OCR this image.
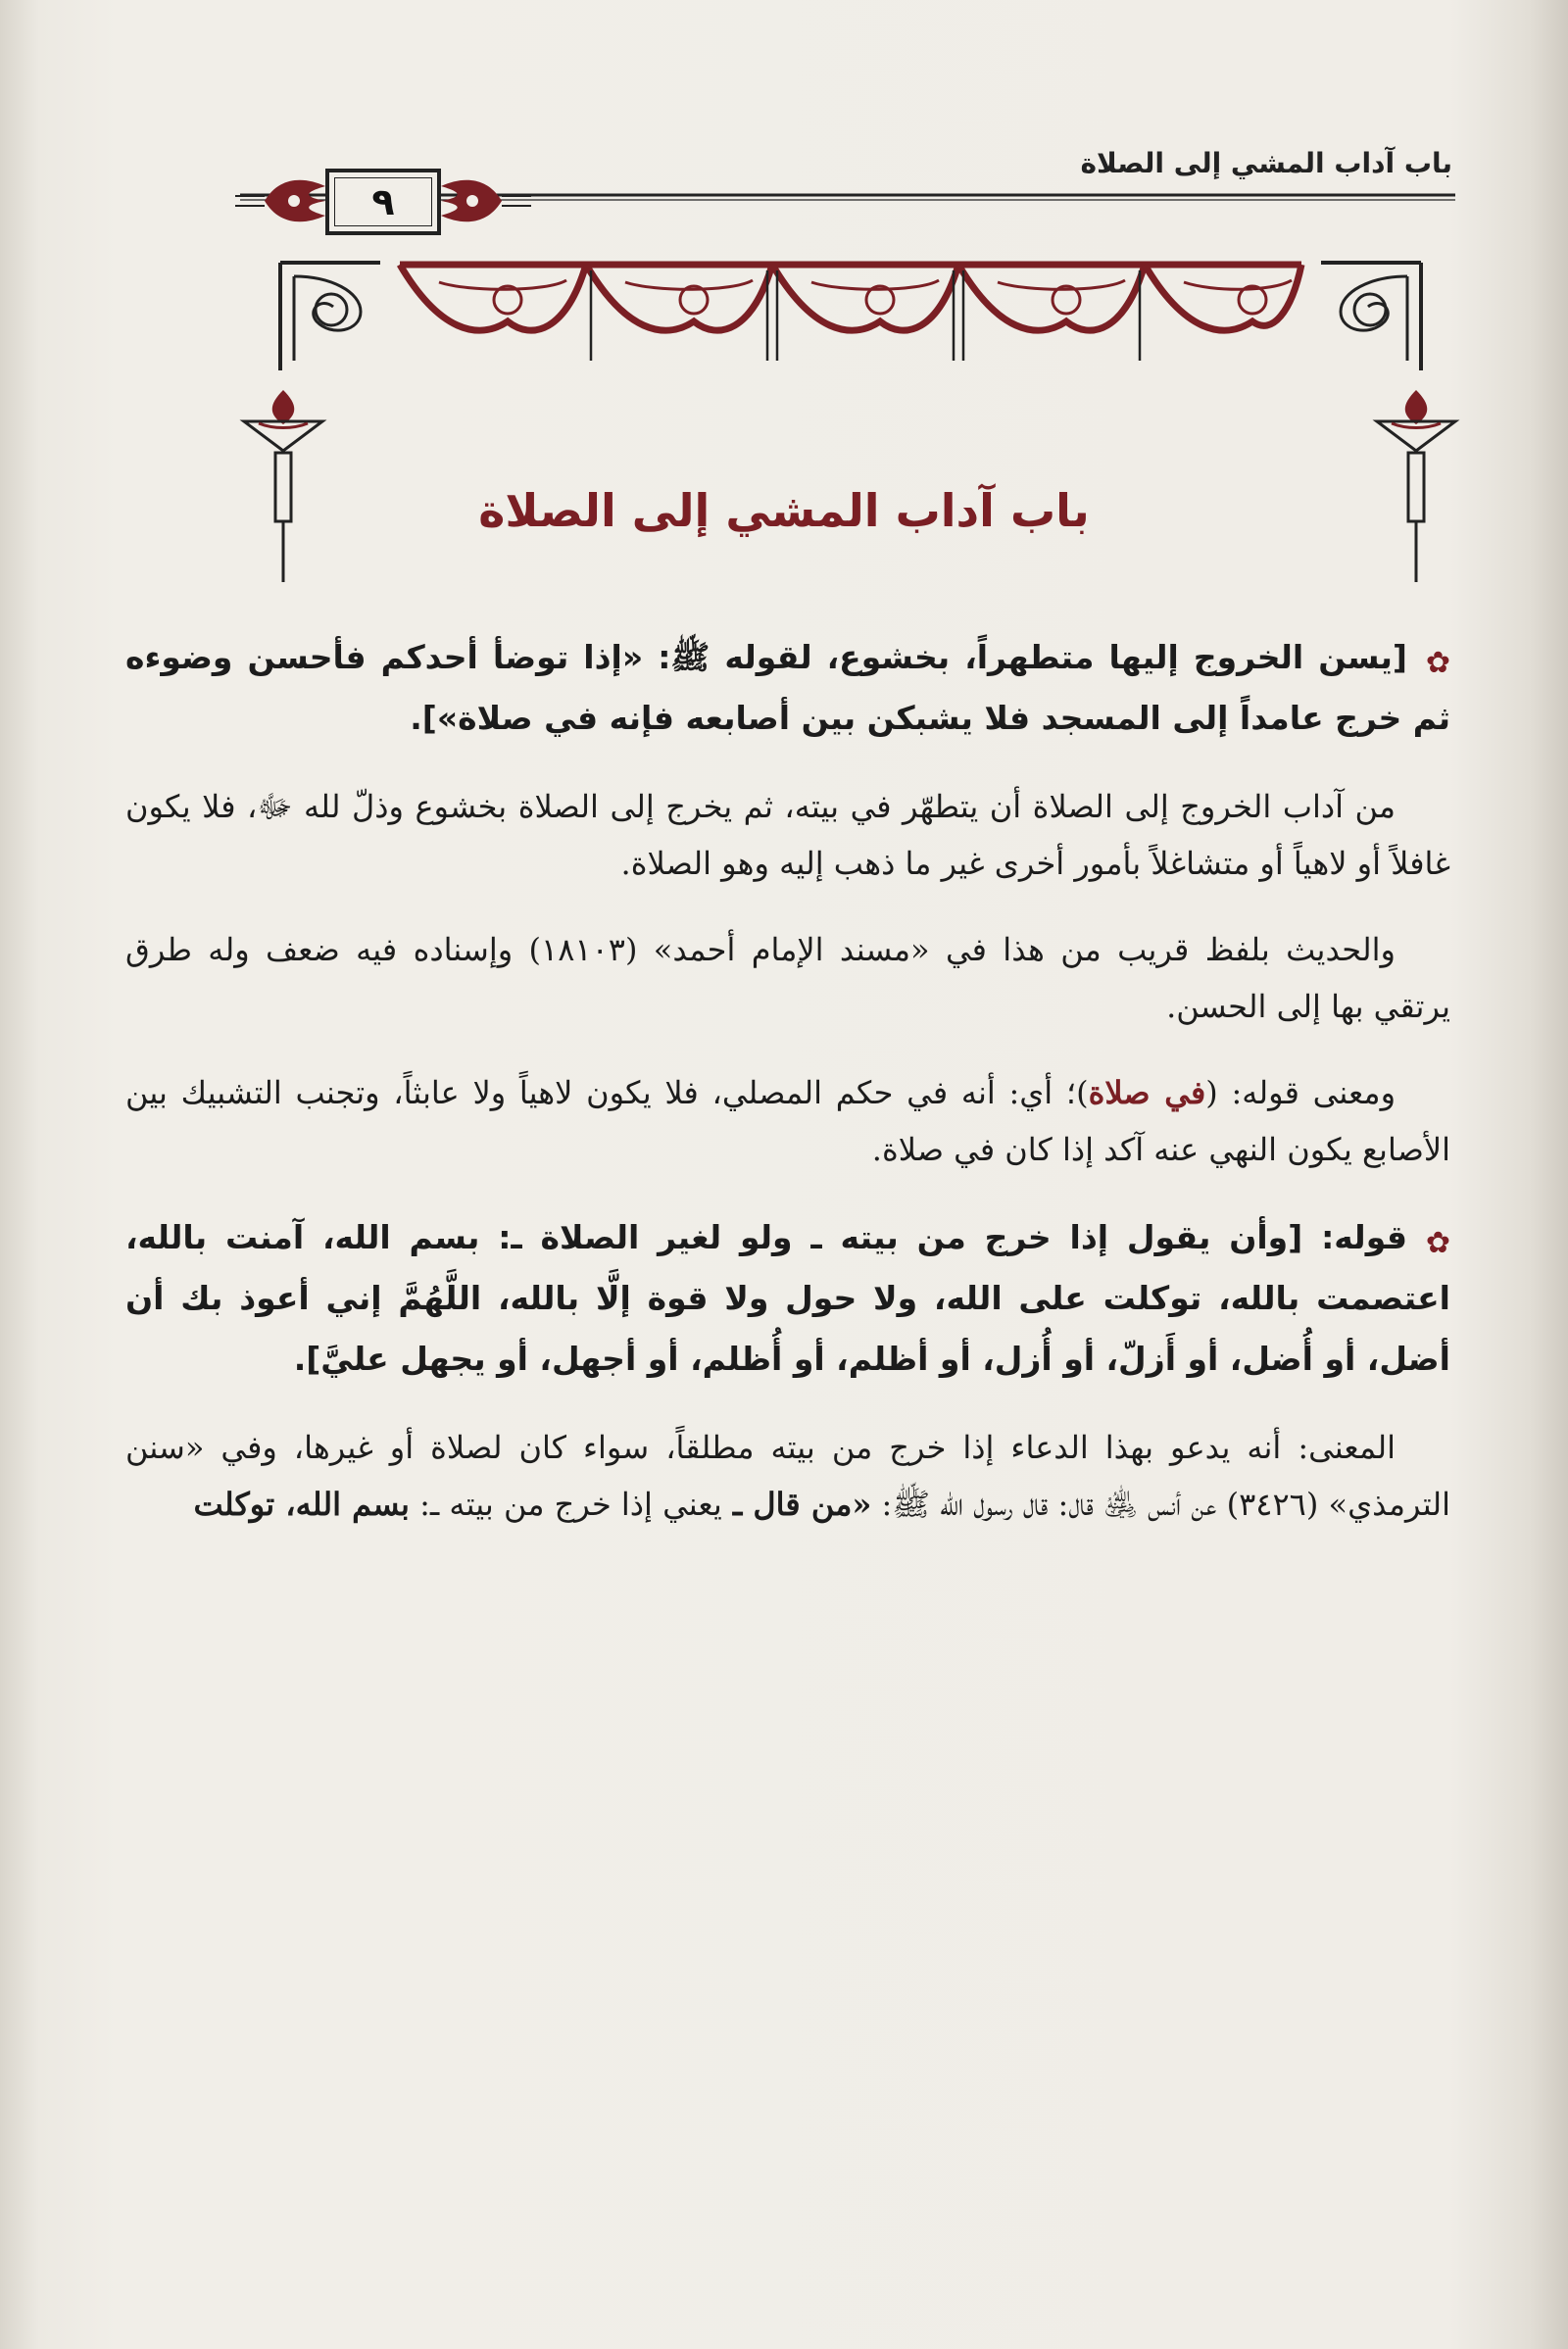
باب آداب المشي إلى الصلاة
٩
باب آداب المشي إلى الصلاة

✿[يسن الخروج إليها متطهراً، بخشوع، لقوله ﷺ: «إذا توضأ أحدكم فأحسن وضوءه ثم خرج عامداً إلى المسجد فلا يشبكن بين أصابعه فإنه في صلاة»].

من آداب الخروج إلى الصلاة أن يتطهّر في بيته، ثم يخرج إلى الصلاة بخشوع وذلّ لله ﷻ، فلا يكون غافلاً أو لاهياً أو متشاغلاً بأمور أخرى غير ما ذهب إليه وهو الصلاة.

والحديث بلفظ قريب من هذا في «مسند الإمام أحمد» (١٨١٠٣) وإسناده فيه ضعف وله طرق يرتقي بها إلى الحسن.

ومعنى قوله: (في صلاة)؛ أي: أنه في حكم المصلي، فلا يكون لاهياً ولا عابثاً، وتجنب التشبيك بين الأصابع يكون النهي عنه آكد إذا كان في صلاة.

✿قوله: [وأن يقول إذا خرج من بيته ـ ولو لغير الصلاة ـ: بسم الله، آمنت بالله، اعتصمت بالله، توكلت على الله، ولا حول ولا قوة إلَّا بالله، اللَّهُمَّ إني أعوذ بك أن أضل، أو أُضل، أو أَزلّ، أو أُزل، أو أظلم، أو أُظلم، أو أجهل، أو يجهل عليَّ].

المعنى: أنه يدعو بهذا الدعاء إذا خرج من بيته مطلقاً، سواء كان لصلاة أو غيرها، وفي «سنن الترمذي» (٣٤٢٦) عن أنس ﵁ قال: قال رسول الله ﷺ: «من قال ـ يعني إذا خرج من بيته ـ: بسم الله، توكلت
